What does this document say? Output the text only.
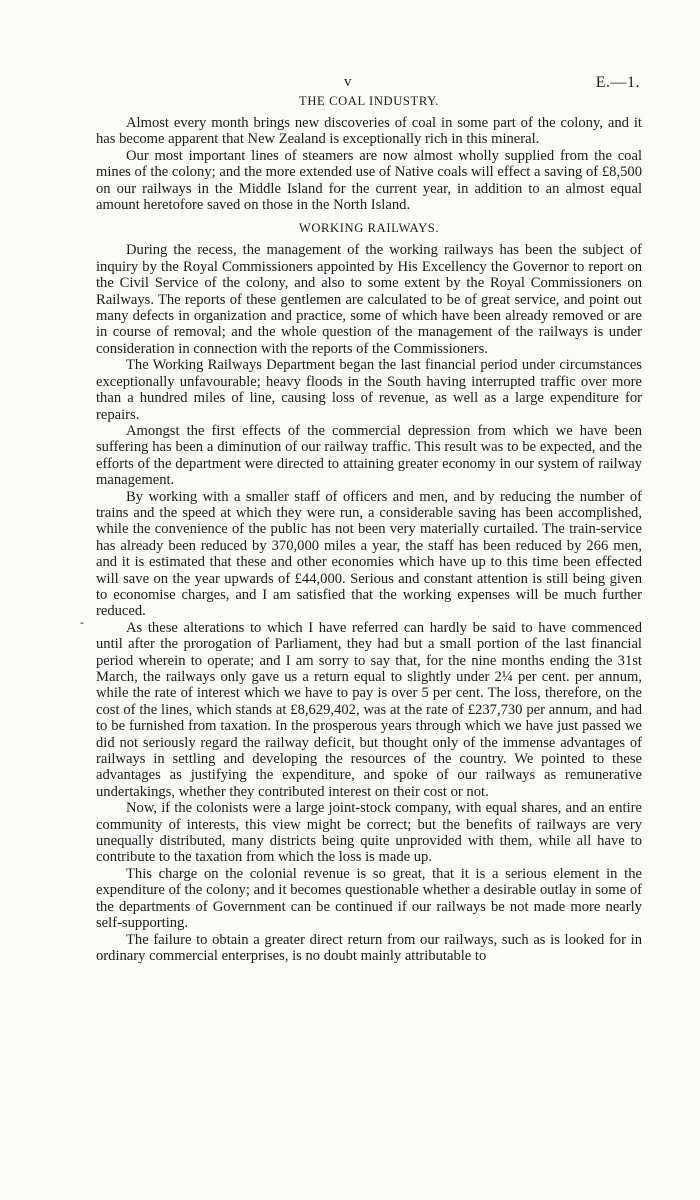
v	E.—1.
THE COAL INDUSTRY.

Almost every month brings new discoveries of coal in some part of the colony, and it has become apparent that New Zealand is exceptionally rich in this mineral.

Our most important lines of steamers are now almost wholly supplied from the coal mines of the colony; and the more extended use of Native coals will effect a saving of £8,500 on our railways in the Middle Island for the current year, in addition to an almost equal amount heretofore saved on those in the North Island.

WORKING RAILWAYS.

During the recess, the management of the working railways has been the subject of inquiry by the Royal Commissioners appointed by His Excellency the Governor to report on the Civil Service of the colony, and also to some extent by the Royal Commissioners on Railways. The reports of these gentlemen are calculated to be of great service, and point out many defects in organization and practice, some of which have been already removed or are in course of removal; and the whole question of the management of the railways is under consideration in connection with the reports of the Commissioners.

The Working Railways Department began the last financial period under circumstances exceptionally unfavourable; heavy floods in the South having interrupted traffic over more than a hundred miles of line, causing loss of revenue, as well as a large expenditure for repairs.

Amongst the first effects of the commercial depression from which we have been suffering has been a diminution of our railway traffic. This result was to be expected, and the efforts of the department were directed to attaining greater economy in our system of railway management.

By working with a smaller staff of officers and men, and by reducing the number of trains and the speed at which they were run, a considerable saving has been accomplished, while the convenience of the public has not been very materially curtailed. The train-service has already been reduced by 370,000 miles a year, the staff has been reduced by 266 men, and it is estimated that these and other economies which have up to this time been effected will save on the year upwards of £44,000. Serious and constant attention is still being given to economise charges, and I am satisfied that the working expenses will be much further reduced.

As these alterations to which I have referred can hardly be said to have commenced until after the prorogation of Parliament, they had but a small portion of the last financial period wherein to operate; and I am sorry to say that, for the nine months ending the 31st March, the railways only gave us a return equal to slightly under 2¼ per cent. per annum, while the rate of interest which we have to pay is over 5 per cent. The loss, therefore, on the cost of the lines, which stands at £8,629,402, was at the rate of £237,730 per annum, and had to be furnished from taxation. In the prosperous years through which we have just passed we did not seriously regard the railway deficit, but thought only of the immense advantages of railways in settling and developing the resources of the country. We pointed to these advantages as justifying the expenditure, and spoke of our railways as remunerative undertakings, whether they contributed interest on their cost or not.

Now, if the colonists were a large joint-stock company, with equal shares, and an entire community of interests, this view might be correct; but the benefits of railways are very unequally distributed, many districts being quite unprovided with them, while all have to contribute to the taxation from which the loss is made up.

This charge on the colonial revenue is so great, that it is a serious element in the expenditure of the colony; and it becomes questionable whether a desirable outlay in some of the departments of Government can be continued if our railways be not made more nearly self-supporting.

The failure to obtain a greater direct return from our railways, such as is looked for in ordinary commercial enterprises, is no doubt mainly attributable to

-
